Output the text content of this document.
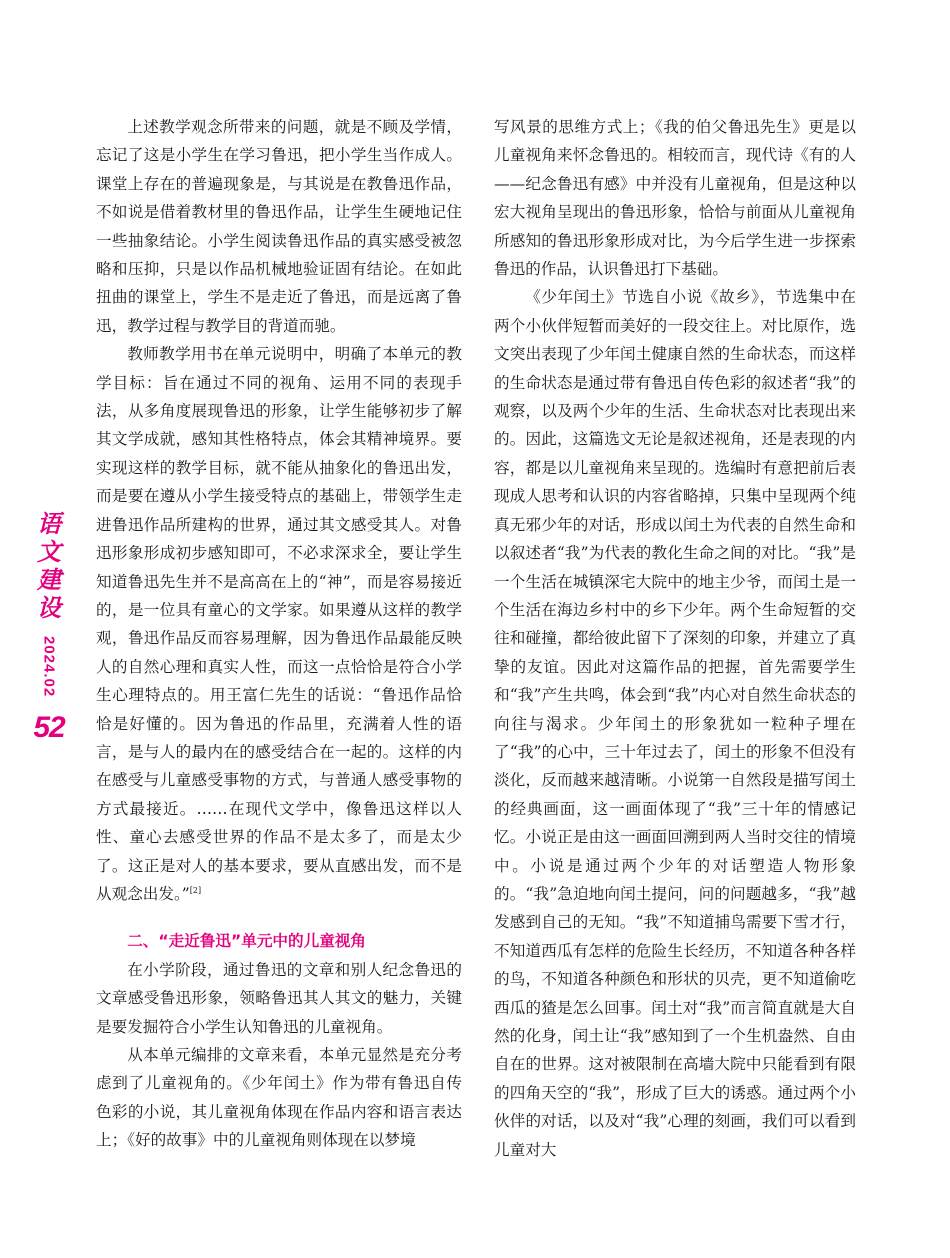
语
文
建
设
2024.02
52

上述教学观念所带来的问题，就是不顾及学情，忘记了这是小学生在学习鲁迅，把小学生当作成人。课堂上存在的普遍现象是，与其说是在教鲁迅作品，不如说是借着教材里的鲁迅作品，让学生生硬地记住一些抽象结论。小学生阅读鲁迅作品的真实感受被忽略和压抑，只是以作品机械地验证固有结论。在如此扭曲的课堂上，学生不是走近了鲁迅，而是远离了鲁迅，教学过程与教学目的背道而驰。

教师教学用书在单元说明中，明确了本单元的教学目标：旨在通过不同的视角、运用不同的表现手法，从多角度展现鲁迅的形象，让学生能够初步了解其文学成就，感知其性格特点，体会其精神境界。要实现这样的教学目标，就不能从抽象化的鲁迅出发，而是要在遵从小学生接受特点的基础上，带领学生走进鲁迅作品所建构的世界，通过其文感受其人。对鲁迅形象形成初步感知即可，不必求深求全，要让学生知道鲁迅先生并不是高高在上的“神”，而是容易接近的，是一位具有童心的文学家。如果遵从这样的教学观，鲁迅作品反而容易理解，因为鲁迅作品最能反映人的自然心理和真实人性，而这一点恰恰是符合小学生心理特点的。用王富仁先生的话说：“鲁迅作品恰恰是好懂的。因为鲁迅的作品里，充满着人性的语言，是与人的最内在的感受结合在一起的。这样的内在感受与儿童感受事物的方式，与普通人感受事物的方式最接近。……在现代文学中，像鲁迅这样以人性、童心去感受世界的作品不是太多了，而是太少了。这正是对人的基本要求，要从直感出发，而不是从观念出发。”[2]

二、“走近鲁迅”单元中的儿童视角

在小学阶段，通过鲁迅的文章和别人纪念鲁迅的文章感受鲁迅形象，领略鲁迅其人其文的魅力，关键是要发掘符合小学生认知鲁迅的儿童视角。

从本单元编排的文章来看，本单元显然是充分考虑到了儿童视角的。《少年闰土》作为带有鲁迅自传色彩的小说，其儿童视角体现在作品内容和语言表达上；《好的故事》中的儿童视角则体现在以梦境

写风景的思维方式上；《我的伯父鲁迅先生》更是以儿童视角来怀念鲁迅的。相较而言，现代诗《有的人——纪念鲁迅有感》中并没有儿童视角，但是这种以宏大视角呈现出的鲁迅形象，恰恰与前面从儿童视角所感知的鲁迅形象形成对比，为今后学生进一步探索鲁迅的作品，认识鲁迅打下基础。

《少年闰土》节选自小说《故乡》，节选集中在两个小伙伴短暂而美好的一段交往上。对比原作，选文突出表现了少年闰土健康自然的生命状态，而这样的生命状态是通过带有鲁迅自传色彩的叙述者“我”的观察，以及两个少年的生活、生命状态对比表现出来的。因此，这篇选文无论是叙述视角，还是表现的内容，都是以儿童视角来呈现的。选编时有意把前后表现成人思考和认识的内容省略掉，只集中呈现两个纯真无邪少年的对话，形成以闰土为代表的自然生命和以叙述者“我”为代表的教化生命之间的对比。“我”是一个生活在城镇深宅大院中的地主少爷，而闰土是一个生活在海边乡村中的乡下少年。两个生命短暂的交往和碰撞，都给彼此留下了深刻的印象，并建立了真挚的友谊。因此对这篇作品的把握，首先需要学生和“我”产生共鸣，体会到“我”内心对自然生命状态的向往与渴求。少年闰土的形象犹如一粒种子埋在了“我”的心中，三十年过去了，闰土的形象不但没有淡化，反而越来越清晰。小说第一自然段是描写闰土的经典画面，这一画面体现了“我”三十年的情感记忆。小说正是由这一画面回溯到两人当时交往的情境中。小说是通过两个少年的对话塑造人物形象的。“我”急迫地向闰土提问，问的问题越多，“我”越发感到自己的无知。“我”不知道捕鸟需要下雪才行，不知道西瓜有怎样的危险生长经历，不知道各种各样的鸟，不知道各种颜色和形状的贝壳，更不知道偷吃西瓜的猹是怎么回事。闰土对“我”而言简直就是大自然的化身，闰土让“我”感知到了一个生机盎然、自由自在的世界。这对被限制在高墙大院中只能看到有限的四角天空的“我”，形成了巨大的诱惑。通过两个小伙伴的对话，以及对“我”心理的刻画，我们可以看到儿童对大
